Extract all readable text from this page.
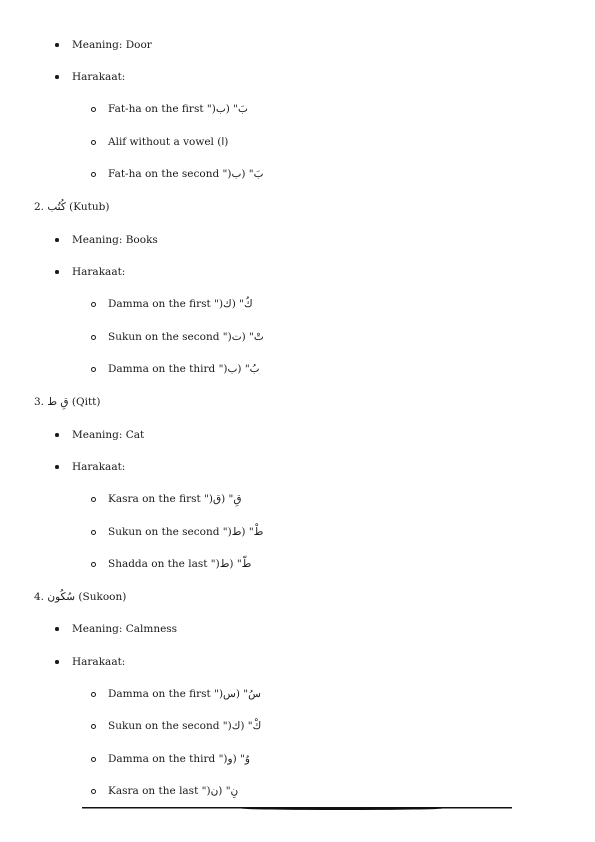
Meaning: Door
Harakaat:
Fat-ha on the first ")بَ" (ب
Alif without a vowel (ا)
Fat-ha on the second ")بَ" (ب
2. كُتُب (Kutub)
Meaning: Books
Harakaat:
Damma on the first ")كُ" (ك
Sukun on the second ")تْ" (ت
Damma on the third ")بُ" (ب
3. قِ ط (Qitt)
Meaning: Cat
Harakaat:
Kasra on the first ")قِ" (ق
Sukun on the second ")طْ" (ط
Shadda on the last ")طّ" (ط
4. سُكُون (Sukoon)
Meaning: Calmness
Harakaat:
Damma on the first ")سُ" (س
Sukun on the second ")كْ" (ك
Damma on the third ")وُ" (و
Kasra on the last ")نِ" (ن
